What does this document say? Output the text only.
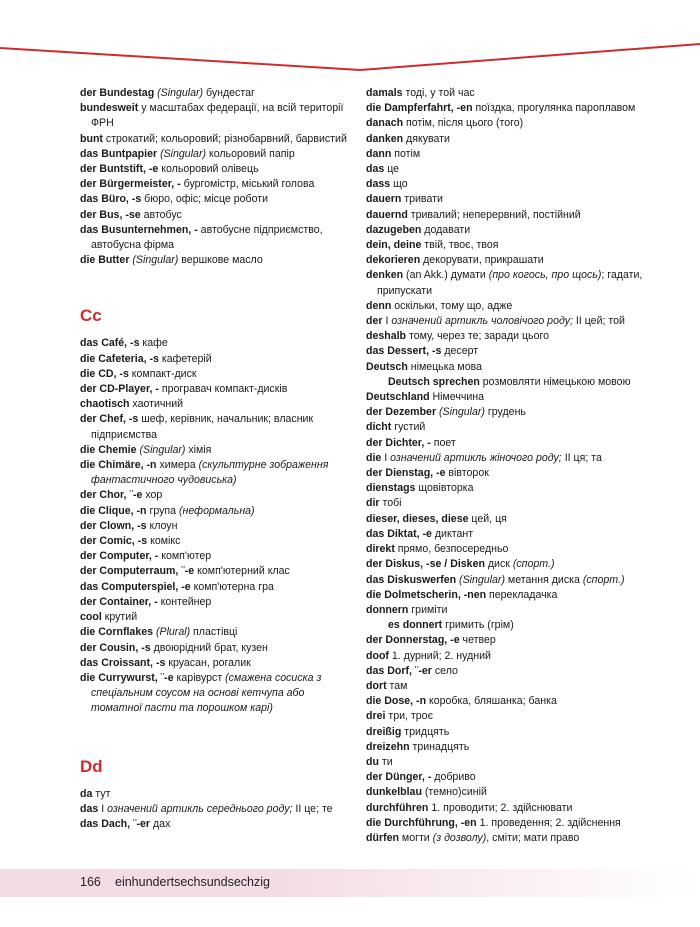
der Bundestag (Singular) бундестаг

bundesweit у масштабах федерації, на всій території ФРН

bunt строкатий; кольоровий; різнобарвний, барвистий

das Buntpapier (Singular) кольоровий папір

der Buntstift, -e кольоровий олівець

der Bürgermeister, - бургомістр, міський голова

das Büro, -s бюро, офіс; місце роботи

der Bus, -se автобус

das Busunternehmen, - автобусне підприємство, автобусна фірма

die Butter (Singular) вершкове масло

Cc

das Café, -s кафе

die Cafeteria, -s кафетерій

die CD, -s компакт-диск

der CD-Player, - програвач компакт-дисків

chaotisch хаотичний

der Chef, -s шеф, керівник, начальник; власник підприємства

die Chemie (Singular) хімія

die Chimäre, -n химера (скульптурне зображення фантастичного чудовиська)

der Chor, ¨-e хор

die Clique, -n група (неформальна)

der Clown, -s клоун

der Comic, -s комікс

der Computer, - комп'ютер

der Computerraum, ¨-e комп'ютерний клас

das Computerspiel, -e комп'ютерна гра

der Container, - контейнер

cool крутий

die Cornflakes (Plural) пластівці

der Cousin, -s двоюрідний брат, кузен

das Croissant, -s круасан, рогалик

die Currywurst, ¨-e карівурст (смажена сосиска з спеціальним соусом на основі кетчупа або томатної пасти та порошком карі)

Dd

da тут

das I означений артикль середнього роду; II це; те

das Dach, ¨-er дах

damals тоді, у той час

die Dampferfahrt, -en поїздка, прогулянка пароплавом

danach потім, після цього (того)

danken дякувати

dann потім

das це

dass що

dauern тривати

dauernd тривалий; неперервний, постійний

dazugeben додавати

dein, deine твій, твоє, твоя

dekorieren декорувати, прикрашати

denken (an Akk.) думати (про когось, про щось); гадати, припускати

denn оскільки, тому що, адже

der I означений артикль чоловічого роду; II цей; той

deshalb тому, через те; заради цього

das Dessert, -s десерт

Deutsch німецька мова
Deutsch sprechen розмовляти німецькою мовою

Deutschland Німеччина

der Dezember (Singular) грудень

dicht густий

der Dichter, - поет

die I означений артикль жіночого роду; II ця; та

der Dienstag, -e вівторок

dienstags щовівторка

dir тобі

dieser, dieses, diese цей, ця

das Diktat, -e диктант

direkt прямо, безпосередньо

der Diskus, -se / Disken диск (спорт.)

das Diskuswerfen (Singular) метання диска (спорт.)

die Dolmetscherin, -nen перекладачка

donnern гриміти
es donnert гримить (грім)

der Donnerstag, -e четвер

doof 1. дурний; 2. нудний

das Dorf, ¨-er село

dort там

die Dose, -n коробка, бляшанка; банка

drei три, троє

dreißig тридцять

dreizehn тринадцять

du ти

der Dünger, - добриво

dunkelblau (темно)синій

durchführen 1. проводити; 2. здійснювати

die Durchführung, -en 1. проведення; 2. здійснення

dürfen могти (з дозволу), сміти; мати право

166 einhundertsechsundsechzig
